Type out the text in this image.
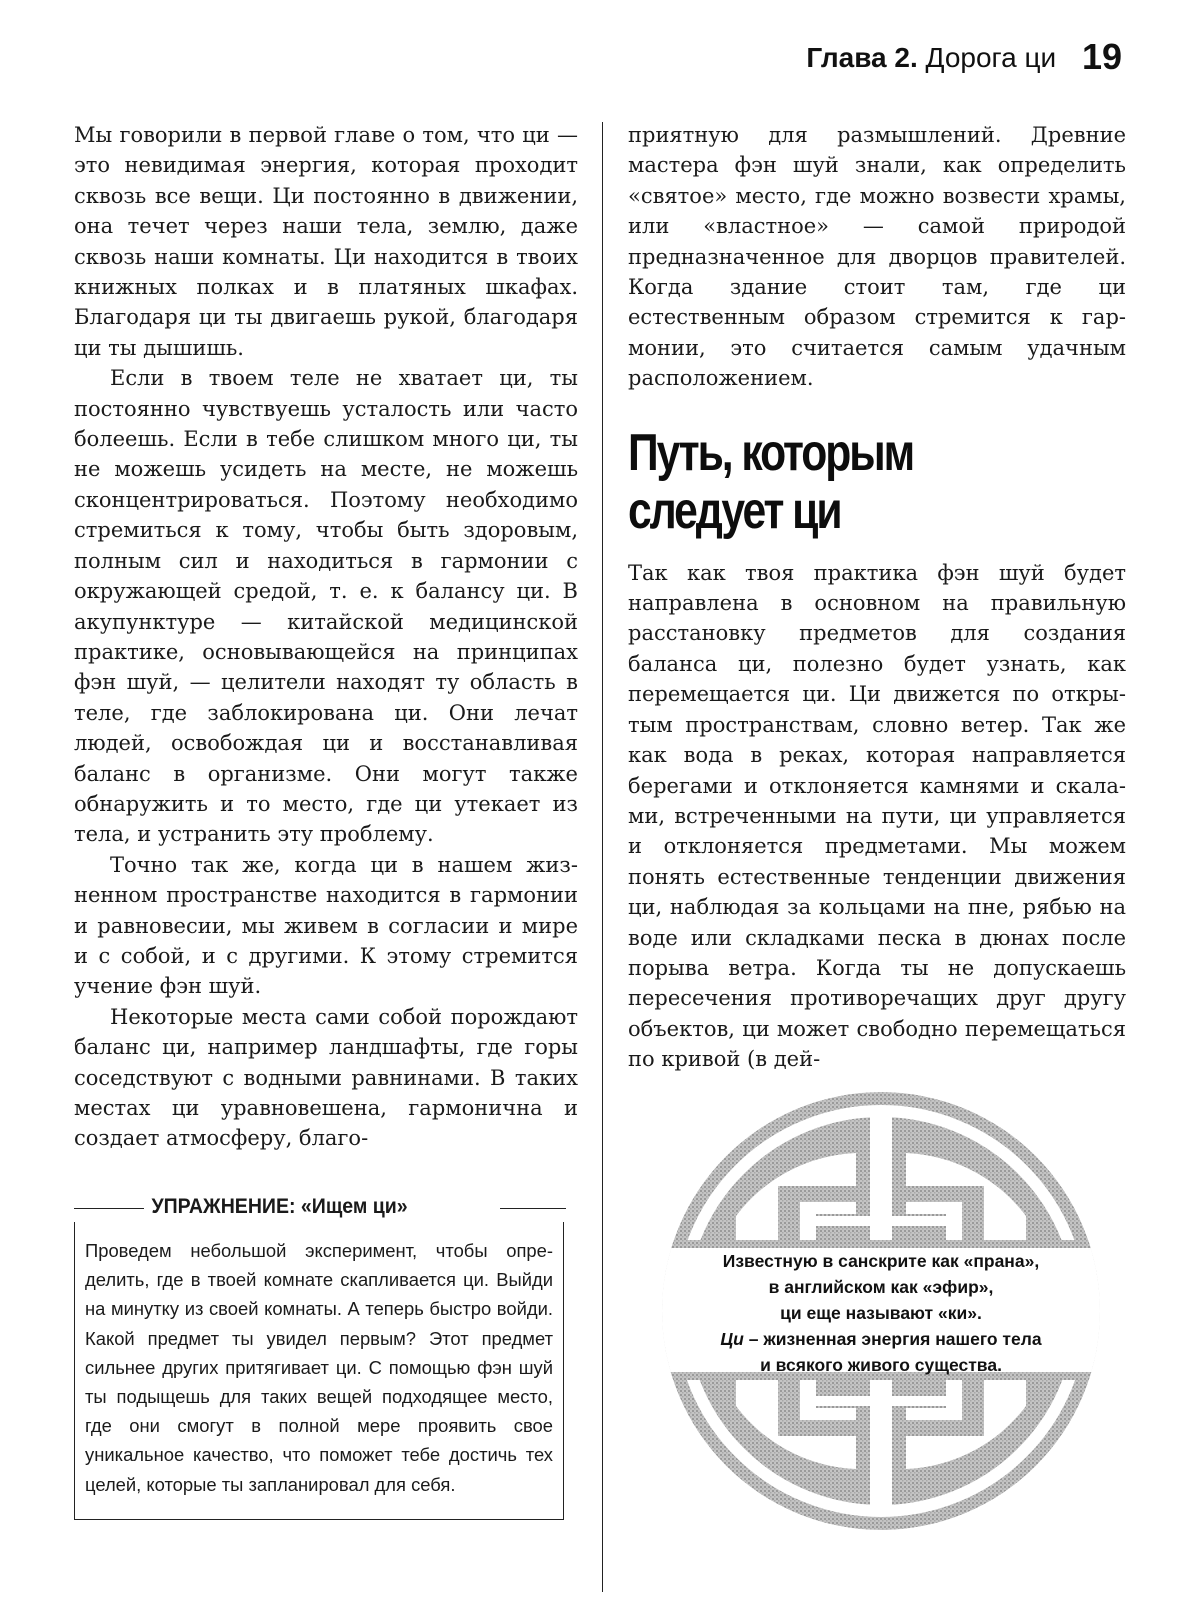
Глава 2. Дорога ци 19

Мы говорили в первой главе о том, что ци — это невидимая энергия, которая проходит сквозь все вещи. Ци постоянно в движении, она течет через наши тела, землю, даже сквозь наши комнаты. Ци находится в твоих книжных полках и в платяных шкафах. Благодаря ци ты двигаешь рукой, благодаря ци ты дышишь.

Если в твоем теле не хватает ци, ты постоянно чувствуешь усталость или часто болеешь. Если в тебе слишком много ци, ты не можешь усидеть на месте, не можешь сконцентрироваться. Поэтому необходимо стремиться к тому, чтобы быть здоровым, полным сил и находиться в гармонии с окружающей средой, т. е. к балансу ци. В акупунктуре — китайской медицинской практике, основывающейся на принципах фэн шуй, — целители находят ту область в теле, где заблокирована ци. Они лечат людей, освобождая ци и восстанавливая баланс в организме. Они могут также обнаружить и то место, где ци утекает из тела, и устранить эту проблему.

Точно так же, когда ци в нашем жизненном пространстве находится в гармонии и равновесии, мы живем в согласии и мире и с собой, и с другими. К этому стремится учение фэн шуй.

Некоторые места сами собой порождают баланс ци, например ландшафты, где горы соседствуют с водными равнинами. В таких местах ци уравновешена, гармонична и создает атмосферу, благо-

УПРАЖНЕНИЕ: «Ищем ци»

Проведем небольшой эксперимент, чтобы определить, где в твоей комнате скапливается ци. Выйди на минутку из своей комнаты. А теперь быстро войди. Какой предмет ты увидел первым? Этот предмет сильнее других притягивает ци. С помощью фэн шуй ты подыщешь для таких вещей подходящее место, где они смогут в полной мере проявить свое уникальное качество, что поможет тебе достичь тех целей, которые ты запланировал для себя.

приятную для размышлений. Древние мастера фэн шуй знали, как определить «святое» место, где можно возвести храмы, или «властное» — самой природой предназначенное для дворцов правителей. Когда здание стоит там, где ци естественным образом стремится к гармонии, это считается самым удачным расположением.

Путь, которым
следует ци

Так как твоя практика фэн шуй будет направлена в основном на правильную расстановку предметов для создания баланса ци, полезно будет узнать, как перемещается ци. Ци движется по открытым пространствам, словно ветер. Так же как вода в реках, которая направляется берегами и отклоняется камнями и скалами, встреченными на пути, ци управляется и отклоняется предметами. Мы можем понять естественные тенденции движения ци, наблюдая за кольцами на пне, рябью на воде или складками песка в дюнах после порыва ветра. Когда ты не допускаешь пересечения противоречащих друг другу объектов, ци может свободно перемещаться по кривой (в дей-

Известную в санскрите как «прана»,
в английском как «эфир»,
ци еще называют «ки».
Ци – жизненная энергия нашего тела
и всякого живого существа.
